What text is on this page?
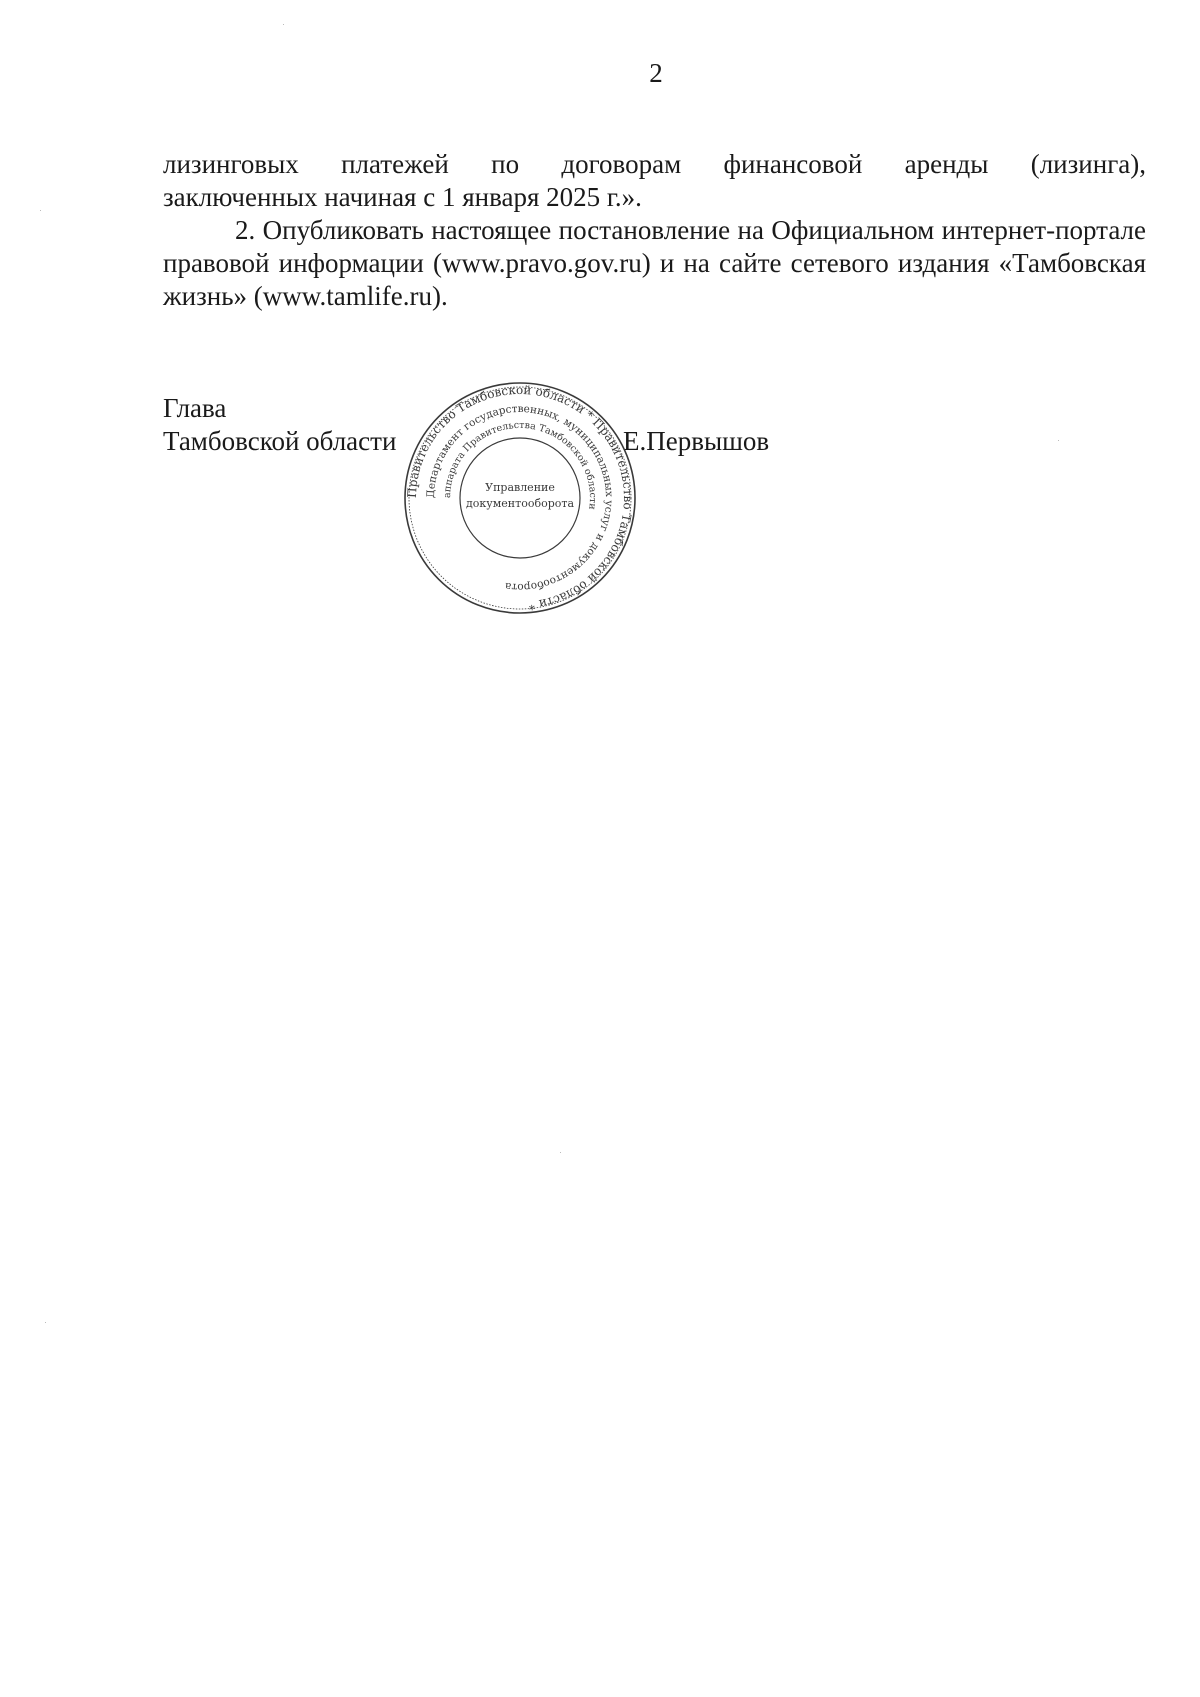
2

лизинговых платежей по договорам финансовой аренды (лизинга),
заключенных начиная с 1 января 2025 г.».

2. Опубликовать настоящее постановление на Официальном интернет-портале правовой информации (www.pravo.gov.ru) и на сайте сетевого издания «Тамбовская жизнь» (www.tamlife.ru).

Глава
Тамбовской области	Е.Первышов
Правительство Тамбовской области * Правительство Тамбовской области *
Департамент государственных, муниципальных услуг и документооборота
аппарата Правительства Тамбовской области
Управление
документооборота
